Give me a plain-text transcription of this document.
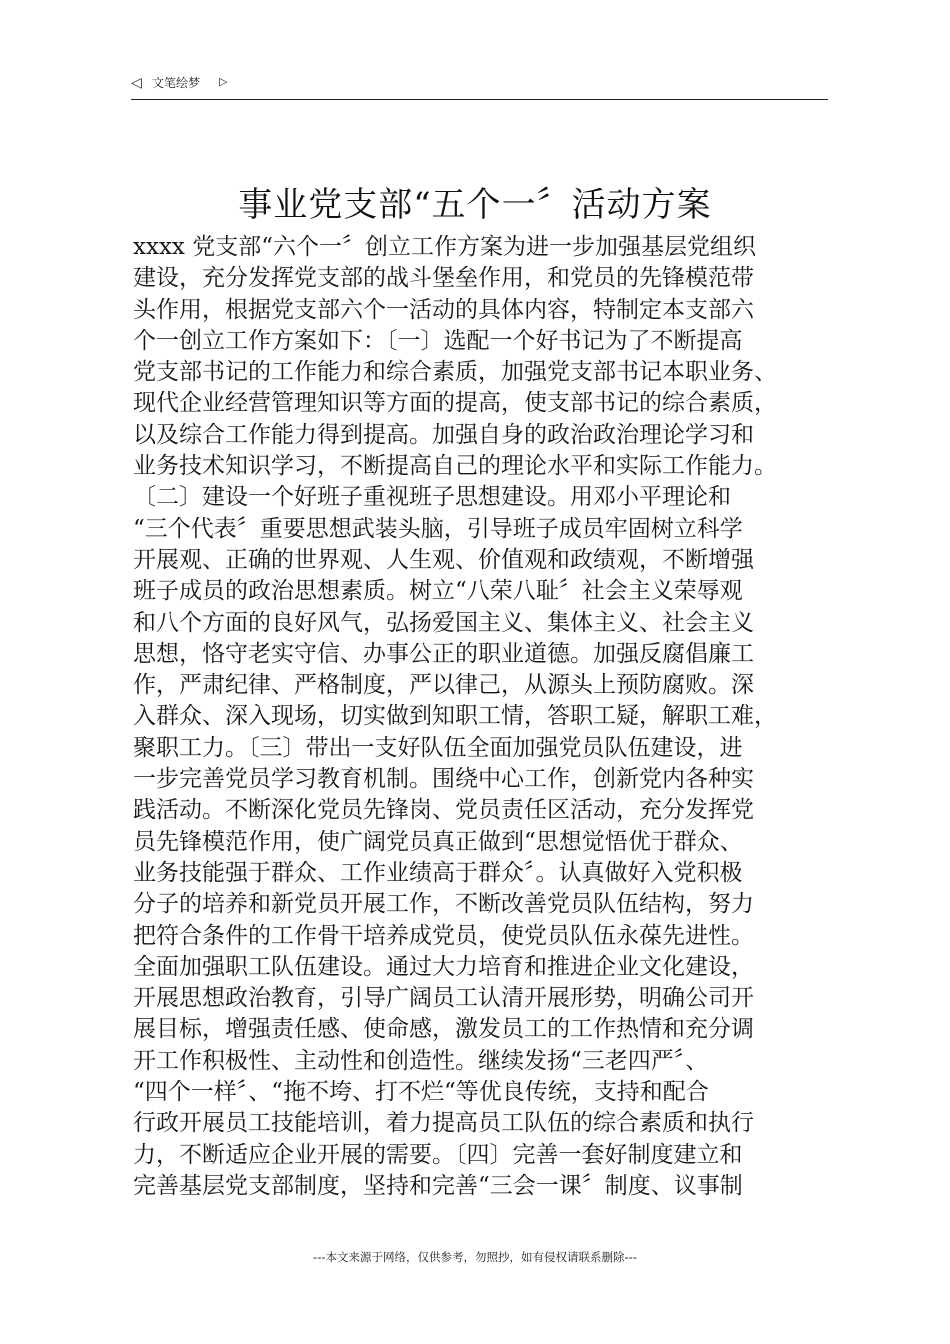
◁ 文笔绘梦 ▷
事业党支部“五个一〞活动方案
xxxx 党支部“六个一〞创立工作方案为进一步加强基层党组织
建设，充分发挥党支部的战斗堡垒作用，和党员的先锋模范带
头作用，根据党支部六个一活动的具体内容，特制定本支部六
个一创立工作方案如下：〔一〕选配一个好书记为了不断提高
党支部书记的工作能力和综合素质，加强党支部书记本职业务、
现代企业经营管理知识等方面的提高，使支部书记的综合素质，
以及综合工作能力得到提高。加强自身的政治政治理论学习和
业务技术知识学习，不断提高自己的理论水平和实际工作能力。
〔二〕建设一个好班子重视班子思想建设。用邓小平理论和
“三个代表〞重要思想武装头脑，引导班子成员牢固树立科学
开展观、正确的世界观、人生观、价值观和政绩观，不断增强
班子成员的政治思想素质。树立“八荣八耻〞社会主义荣辱观
和八个方面的良好风气，弘扬爱国主义、集体主义、社会主义
思想，恪守老实守信、办事公正的职业道德。加强反腐倡廉工
作，严肃纪律、严格制度，严以律己，从源头上预防腐败。深
入群众、深入现场，切实做到知职工情，答职工疑，解职工难，
聚职工力。〔三〕带出一支好队伍全面加强党员队伍建设，进
一步完善党员学习教育机制。围绕中心工作，创新党内各种实
践活动。不断深化党员先锋岗、党员责任区活动，充分发挥党
员先锋模范作用，使广阔党员真正做到“思想觉悟优于群众、
业务技能强于群众、工作业绩高于群众〞。认真做好入党积极
分子的培养和新党员开展工作，不断改善党员队伍结构，努力
把符合条件的工作骨干培养成党员，使党员队伍永葆先进性。
全面加强职工队伍建设。通过大力培育和推进企业文化建设，
开展思想政治教育，引导广阔员工认清开展形势，明确公司开
展目标，增强责任感、使命感，激发员工的工作热情和充分调
开工作积极性、主动性和创造性。继续发扬“三老四严〞、
“四个一样〞、“拖不垮、打不烂“等优良传统，支持和配合
行政开展员工技能培训，着力提高员工队伍的综合素质和执行
力，不断适应企业开展的需要。〔四〕完善一套好制度建立和
完善基层党支部制度，坚持和完善“三会一课〞制度、议事制
---本文来源于网络，仅供参考，勿照抄，如有侵权请联系删除---
